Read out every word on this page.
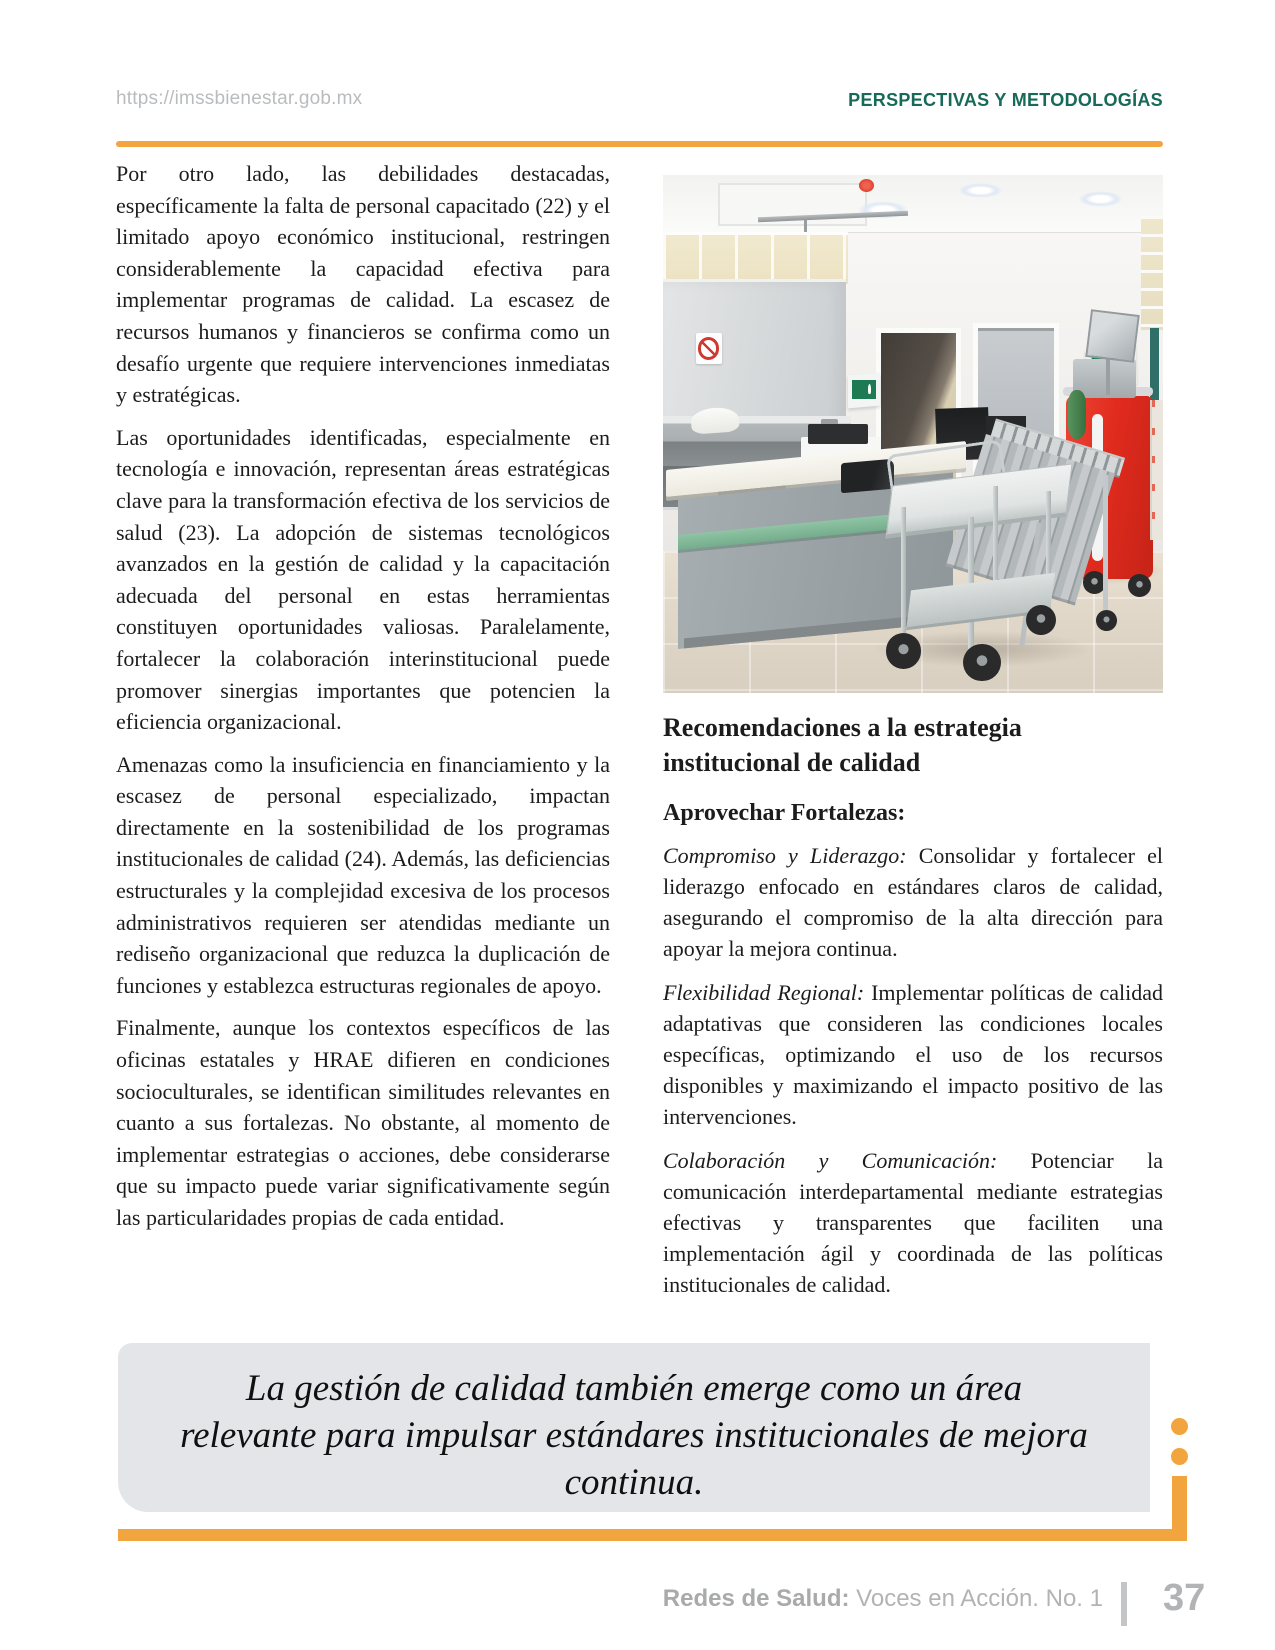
https://imssbienestar.gob.mx	PERSPECTIVAS Y METODOLOGÍAS

Por otro lado, las debilidades destacadas, específicamente la falta de personal capacitado (22) y el limitado apoyo económico institucional, restringen considerablemente la capacidad efectiva para implementar programas de calidad. La escasez de recursos humanos y financieros se confirma como un desafío urgente que requiere intervenciones inmediatas y estratégicas.

Las oportunidades identificadas, especialmente en tecnología e innovación, representan áreas estratégicas clave para la transformación efectiva de los servicios de salud (23). La adopción de sistemas tecnológicos avanzados en la gestión de calidad y la capacitación adecuada del personal en estas herramientas constituyen oportunidades valiosas. Paralelamente, fortalecer la colaboración interinstitucional puede promover sinergias importantes que potencien la eficiencia organizacional.

Amenazas como la insuficiencia en financiamiento y la escasez de personal especializado, impactan directamente en la sostenibilidad de los programas institucionales de calidad (24). Además, las deficiencias estructurales y la complejidad excesiva de los procesos administrativos requieren ser atendidas mediante un rediseño organizacional que reduzca la duplicación de funciones y establezca estructuras regionales de apoyo.

Finalmente, aunque los contextos específicos de las oficinas estatales y HRAE difieren en condiciones socioculturales, se identifican similitudes relevantes en cuanto a sus fortalezas. No obstante, al momento de implementar estrategias o acciones, debe considerarse que su impacto puede variar significativamente según las particularidades propias de cada entidad.

Recomendaciones a la estrategia institucional de calidad
Aprovechar Fortalezas:

Compromiso y Liderazgo: Consolidar y fortalecer el liderazgo enfocado en estándares claros de calidad, asegurando el compromiso de la alta dirección para apoyar la mejora continua.

Flexibilidad Regional: Implementar políticas de calidad adaptativas que consideren las condiciones locales específicas, optimizando el uso de los recursos disponibles y maximizando el impacto positivo de las intervenciones.

Colaboración y Comunicación: Potenciar la comunicación interdepartamental mediante estrategias efectivas y transparentes que faciliten una implementación ágil y coordinada de las políticas institucionales de calidad.

La gestión de calidad también emerge como un área relevante para impulsar estándares institucionales de mejora continua.
Redes de Salud: Voces en Acción. No. 1 37
